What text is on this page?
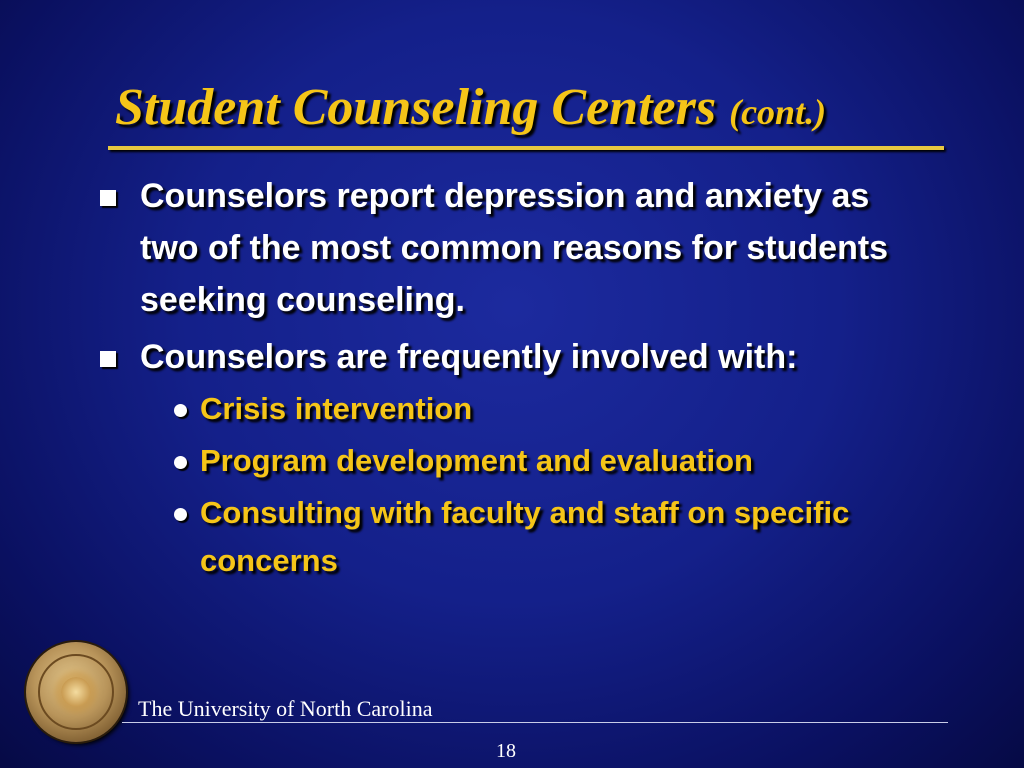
Student Counseling Centers (cont.)
Counselors report depression and anxiety as two of the most common reasons for students seeking counseling.
Counselors are frequently involved with:
Crisis intervention
Program development and evaluation
Consulting with faculty and staff on specific concerns

The University of North Carolina

18
